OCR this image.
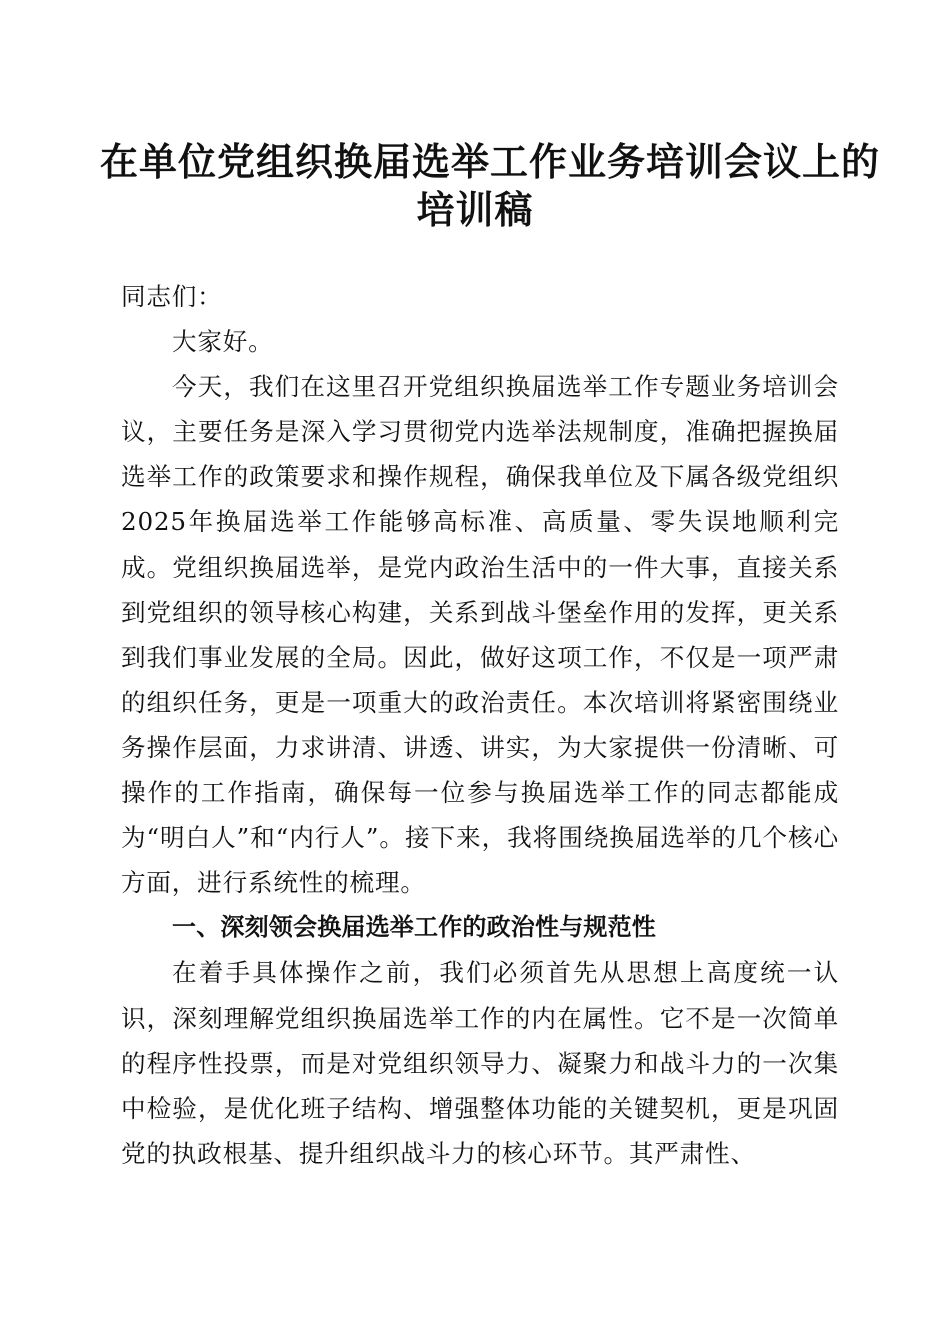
在单位党组织换届选举工作业务培训会议上的
培训稿

同志们：

大家好。

今天，我们在这里召开党组织换届选举工作专题业务培训会议，主要任务是深入学习贯彻党内选举法规制度，准确把握换届选举工作的政策要求和操作规程，确保我单位及下属各级党组织2025年换届选举工作能够高标准、高质量、零失误地顺利完成。党组织换届选举，是党内政治生活中的一件大事，直接关系到党组织的领导核心构建，关系到战斗堡垒作用的发挥，更关系到我们事业发展的全局。因此，做好这项工作，不仅是一项严肃的组织任务，更是一项重大的政治责任。本次培训将紧密围绕业务操作层面，力求讲清、讲透、讲实，为大家提供一份清晰、可操作的工作指南，确保每一位参与换届选举工作的同志都能成为“明白人”和“内行人”。接下来，我将围绕换届选举的几个核心方面，进行系统性的梳理。

一、深刻领会换届选举工作的政治性与规范性

在着手具体操作之前，我们必须首先从思想上高度统一认识，深刻理解党组织换届选举工作的内在属性。它不是一次简单的程序性投票，而是对党组织领导力、凝聚力和战斗力的一次集中检验，是优化班子结构、增强整体功能的关键契机，更是巩固党的执政根基、提升组织战斗力的核心环节。其严肃性、
